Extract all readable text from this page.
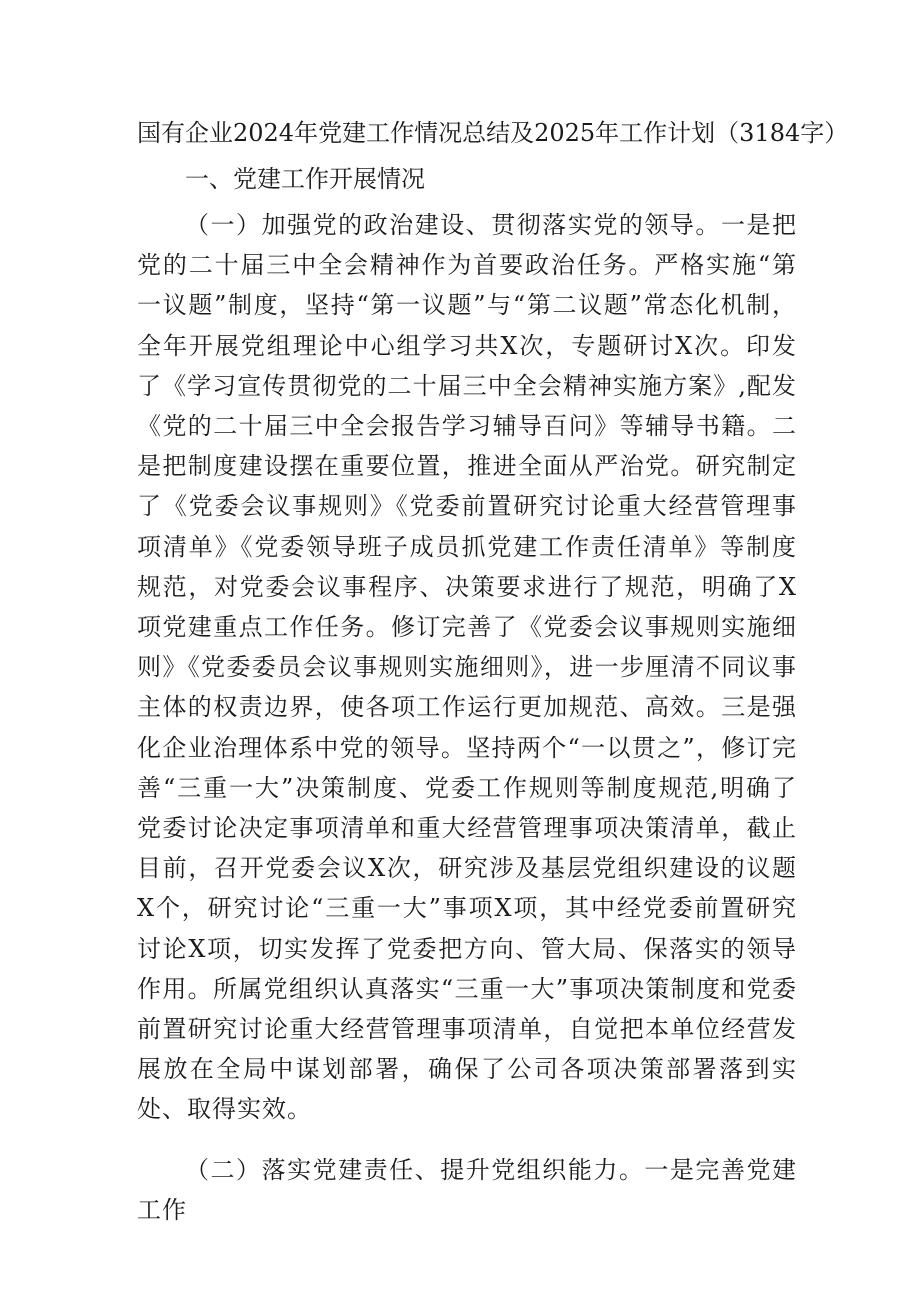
国有企业2024年党建工作情况总结及2025年工作计划（3184字）
一、党建工作开展情况

（一）加强党的政治建设、贯彻落实党的领导。一是把党的二十届三中全会精神作为首要政治任务。严格实施“第一议题”制度，坚持“第一议题”与“第二议题”常态化机制，全年开展党组理论中心组学习共X次，专题研讨X次。印发了《学习宣传贯彻党的二十届三中全会精神实施方案》,配发《党的二十届三中全会报告学习辅导百问》等辅导书籍。二是把制度建设摆在重要位置，推进全面从严治党。研究制定了《党委会议事规则》《党委前置研究讨论重大经营管理事项清单》《党委领导班子成员抓党建工作责任清单》等制度规范，对党委会议事程序、决策要求进行了规范，明确了X项党建重点工作任务。修订完善了《党委会议事规则实施细则》《党委委员会议事规则实施细则》，进一步厘清不同议事主体的权责边界，使各项工作运行更加规范、高效。三是强化企业治理体系中党的领导。坚持两个“一以贯之”，修订完善“三重一大”决策制度、党委工作规则等制度规范,明确了党委讨论决定事项清单和重大经营管理事项决策清单，截止目前，召开党委会议X次，研究涉及基层党组织建设的议题X个，研究讨论“三重一大”事项X项，其中经党委前置研究讨论X项，切实发挥了党委把方向、管大局、保落实的领导作用。所属党组织认真落实“三重一大”事项决策制度和党委前置研究讨论重大经营管理事项清单，自觉把本单位经营发展放在全局中谋划部署，确保了公司各项决策部署落到实处、取得实效。

（二）落实党建责任、提升党组织能力。一是完善党建工作
